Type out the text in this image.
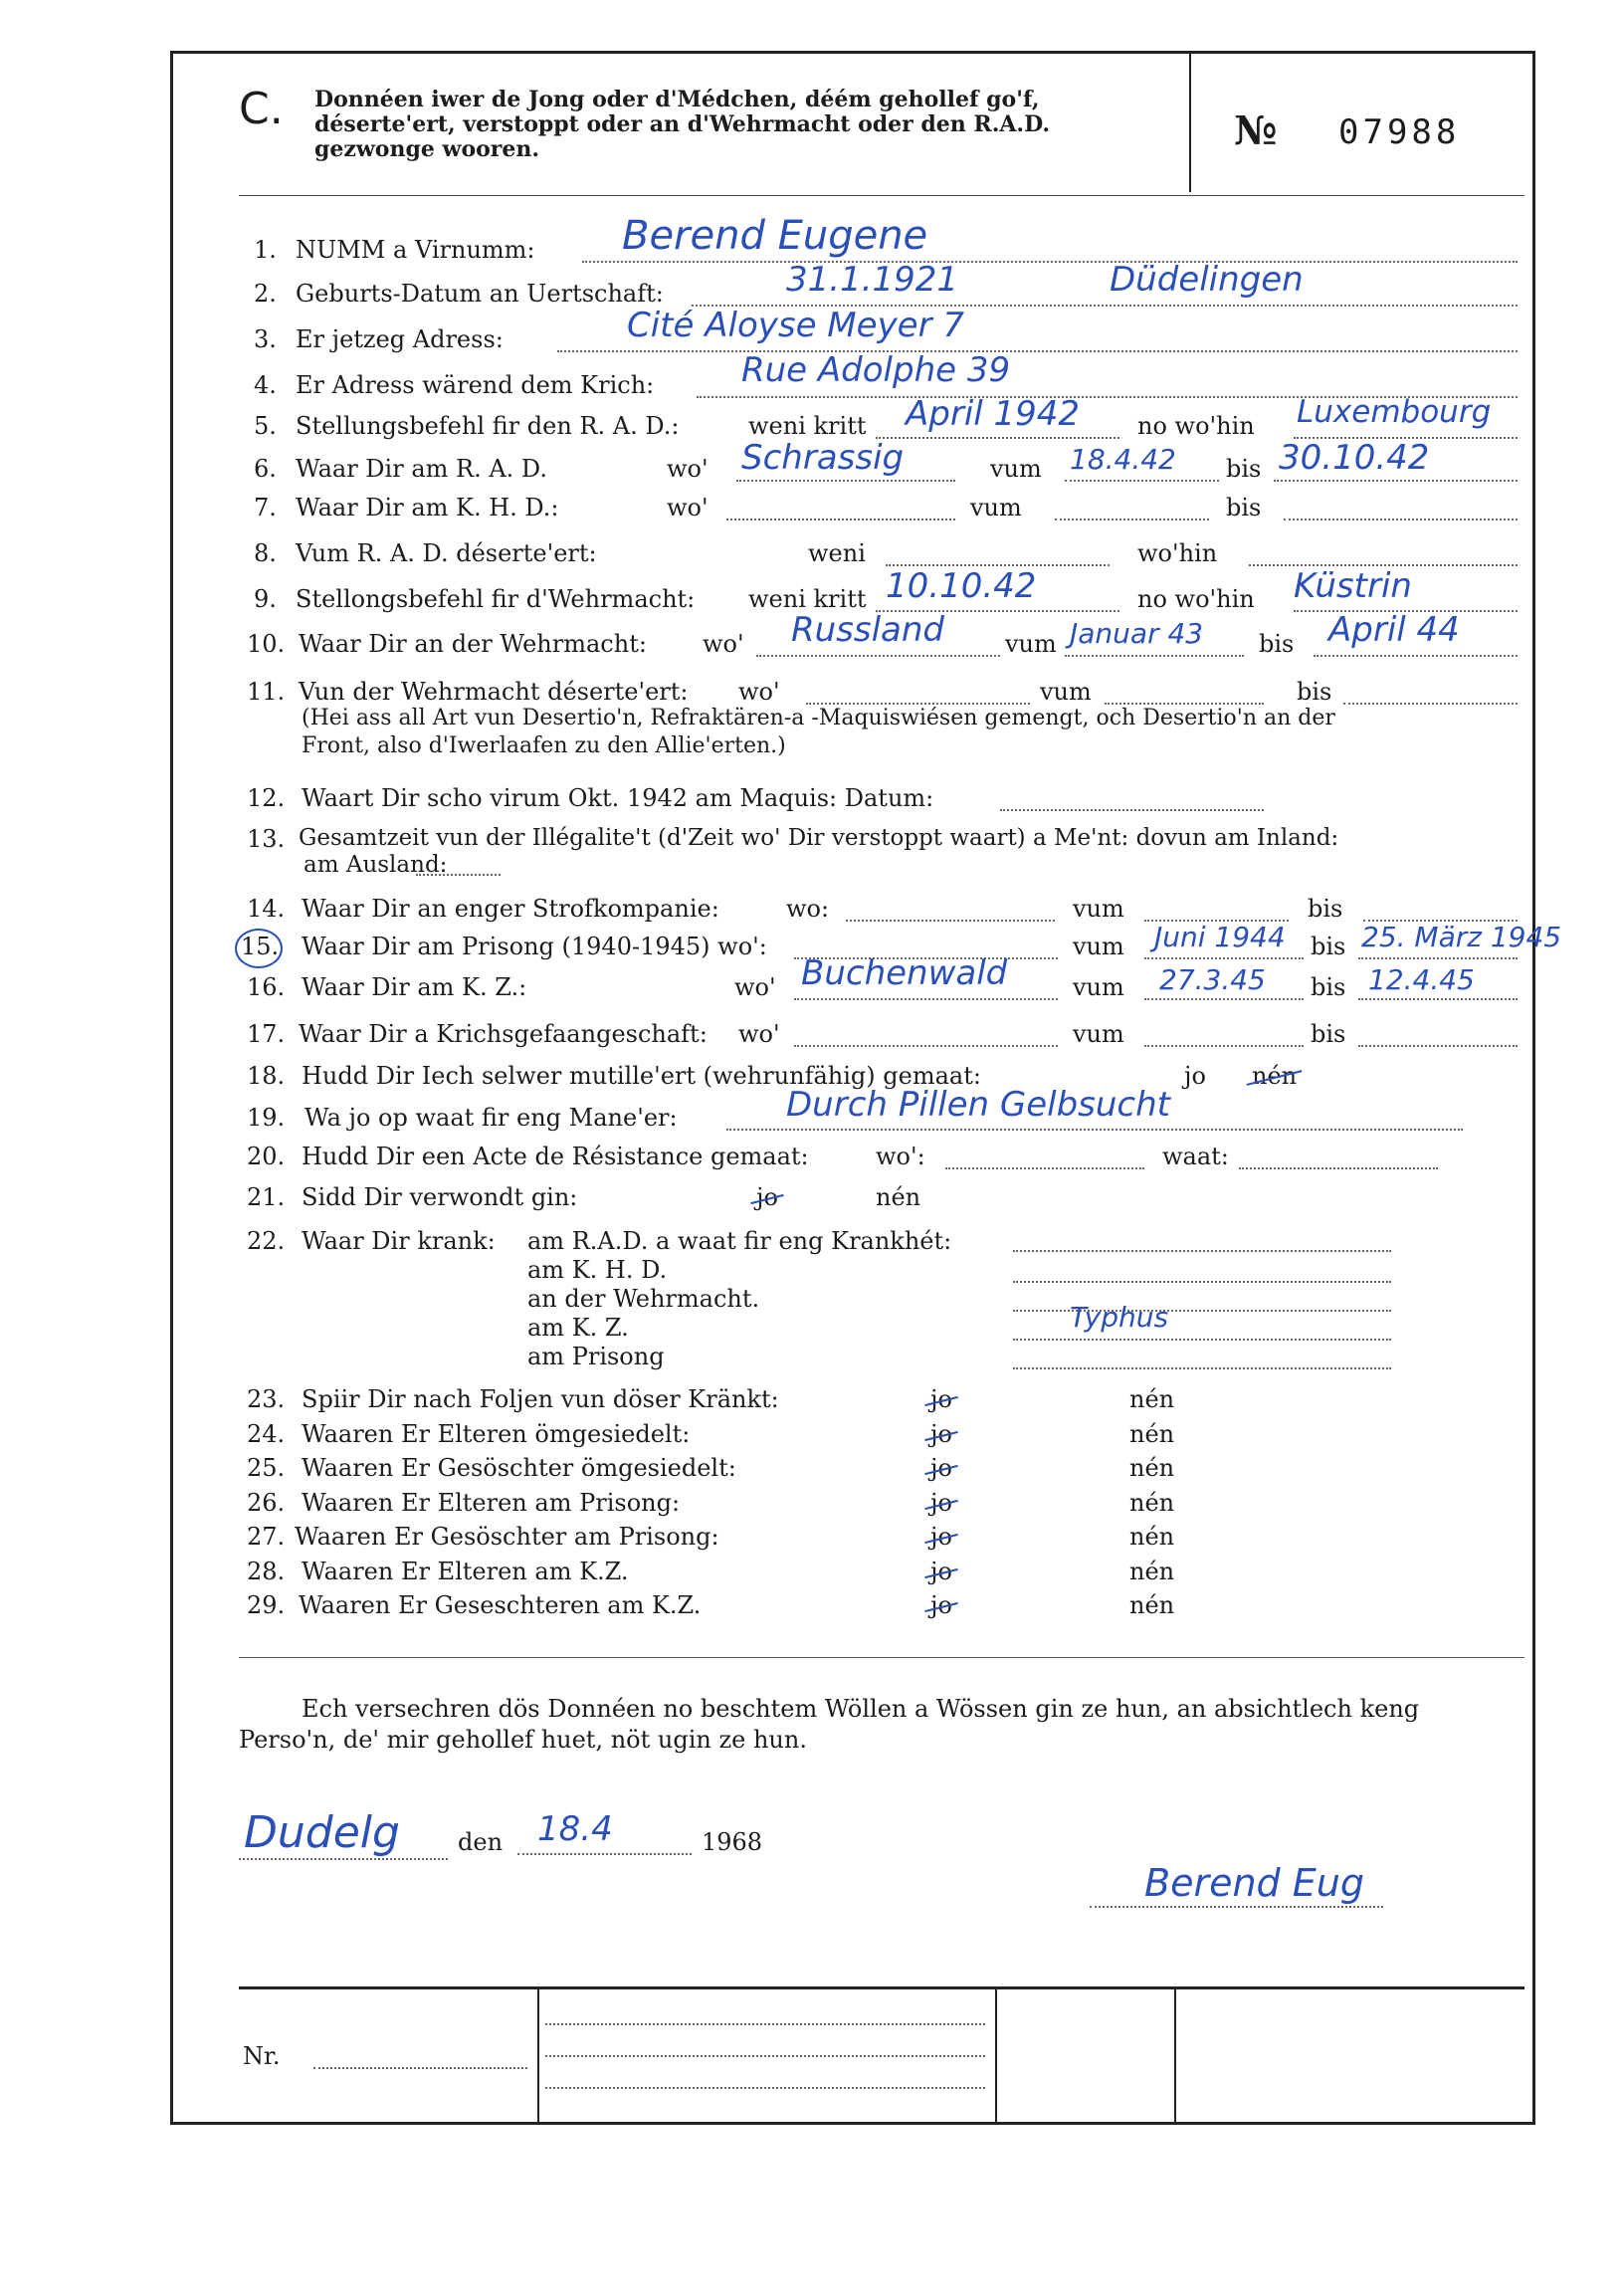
C. Donnéen iwer de Jong oder d'Médchen, déém gehollef go'f, déserte'ert, verstoppt oder an d'Wehrmacht oder den R.A.D. gezwonge wooren.	№ 07988
1. NUMM a Virnumm: Berend Eugene
2. Geburts-Datum an Uertschaft:	31.1.1921	Düdelingen
3. Er jetzeg Adress:	Cité Aloyse Meyer 7
4. Er Adress wärend dem Krich:	Rue Adolphe 39
5. Stellungsbefehl fir den R. A. D.:	weni kritt April 1942 no wo'hin Luxembourg
6. Waar Dir am R. A. D.	wo' Schrassig	vum 18.4.42 bis 30.10.42
7. Waar Dir am K. H. D.:	wo'	vum	bis
8. Vum R. A. D. déserte'ert:	weni	wo'hin
9. Stellongsbefehl fir d'Wehrmacht: weni kritt 10.10.42	no wo'hin Küstrin
10. Waar Dir an der Wehrmacht: wo' Russland	vum Januar 43 bis April 44
11. Vun der Wehrmacht déserte'ert: wo'	vum	bis
(Hei ass all Art vun Desertio'n, Refraktären-a -Maquiswiésen gemengt, och Desertio'n an der
Front, also d'Iwerlaafen zu den Allie'erten.)
12. Waart Dir scho virum Okt. 1942 am Maquis: Datum:
13. Gesamtzeit vun der Illégalite't (d'Zeit wo' Dir verstoppt waart) a Me'nt: dovun am Inland:
am Ausland:
14. Waar Dir an enger Strofkompanie:	wo:	vum	bis
15. Waar Dir am Prisong (1940-1945) wo':	vum Juni 1944 bis 25. März 1945
16. Waar Dir am K. Z.:	wo' Buchenwald	vum 27.3.45 bis 12.4.45
17. Waar Dir a Krichsgefaangeschaft: wo'	vum	bis
18. Hudd Dir Iech selwer mutille'ert (wehrunfähig) gemaat:	jo nén
19. Wa jo op waat fir eng Mane'er:	Durch Pillen Gelbsucht
20. Hudd Dir een Acte de Résistance gemaat:	wo':	waat:
21. Sidd Dir verwondt gin:	jo	nén
22. Waar Dir krank: am R.A.D. a waat fir eng Krankhét:
am K. H. D.
an der Wehrmacht.
am K. Z.	Typhus
am Prisong
23. Spiir Dir nach Foljen vun döser Kränkt:	jo	nén
24. Waaren Er Elteren ömgesiedelt:	jo	nén
25. Waaren Er Gesöschter ömgesiedelt:	jo	nén
26. Waaren Er Elteren am Prisong:	jo	nén
27. Waaren Er Gesöschter am Prisong:	jo	nén
28. Waaren Er Elteren am K.Z.	jo	nén
29. Waaren Er Geseschteren am K.Z.	jo	nén
Ech versechren dös Donnéen no beschtem Wöllen a Wössen gin ze hun, an absichtlech keng
Perso'n, de' mir gehollef huet, nöt ugin ze hun.
Dudelg den 18.4	1968
Berend Eug
Nr.
